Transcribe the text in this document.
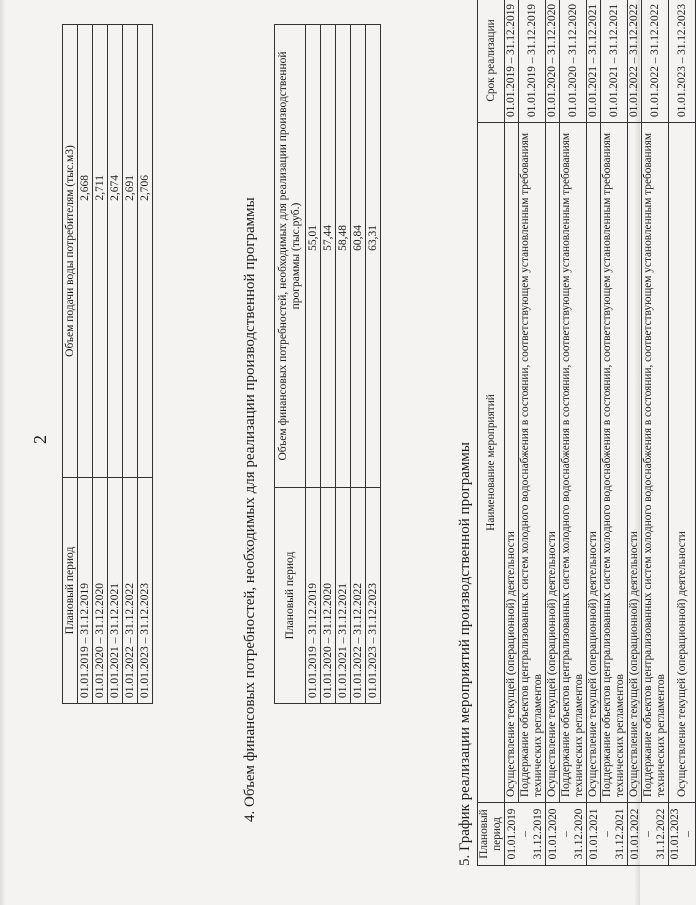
2
Плановый период	Объем подачи воды потребителям (тыс.м3)
01.01.2019 – 31.12.2019	2,668
01.01.2020 – 31.12.2020	2,711
01.01.2021 – 31.12.2021	2,674
01.01.2022 – 31.12.2022	2,691
01.01.2023 – 31.12.2023	2,706
4. Объем финансовых потребностей, необходимых для реализации производственной программы Плановый период	Объем финансовых потребностей, необходимых для реализации производственной программы (тыс.руб.)
01.01.2019 – 31.12.2019	55,01
01.01.2020 – 31.12.2020	57,44
01.01.2021 – 31.12.2021	58,48
01.01.2022 – 31.12.2022	60,84
01.01.2023 – 31.12.2023	63,31
5. График реализации мероприятий производственной программы Плановый период	Наименование мероприятий	Срок реализации
01.01.2019 – 31.12.2019	Осуществление текущей (операционной) деятельности	01.01.2019 – 31.12.2019
	Поддержание объектов централизованных систем холодного водоснабжения в состоянии, соответствующем установленным требованиям технических регламентов	01.01.2019 – 31.12.2019
01.01.2020 – 31.12.2020	Осуществление текущей (операционной) деятельности	01.01.2020 – 31.12.2020
	Поддержание объектов централизованных систем холодного водоснабжения в состоянии, соответствующем установленным требованиям технических регламентов	01.01.2020 – 31.12.2020
01.01.2021 – 31.12.2021	Осуществление текущей (операционной) деятельности	01.01.2021 – 31.12.2021
	Поддержание объектов централизованных систем холодного водоснабжения в состоянии, соответствующем установленным требованиям технических регламентов	01.01.2021 – 31.12.2021
01.01.2022 – 31.12.2022	Осуществление текущей (операционной) деятельности	01.01.2022 – 31.12.2022
	Поддержание объектов централизованных систем холодного водоснабжения в состоянии, соответствующем установленным требованиям технических регламентов	01.01.2022 – 31.12.2022
01.01.2023 –	Осуществление текущей (операционной) деятельности	01.01.2023 – 31.12.2023
